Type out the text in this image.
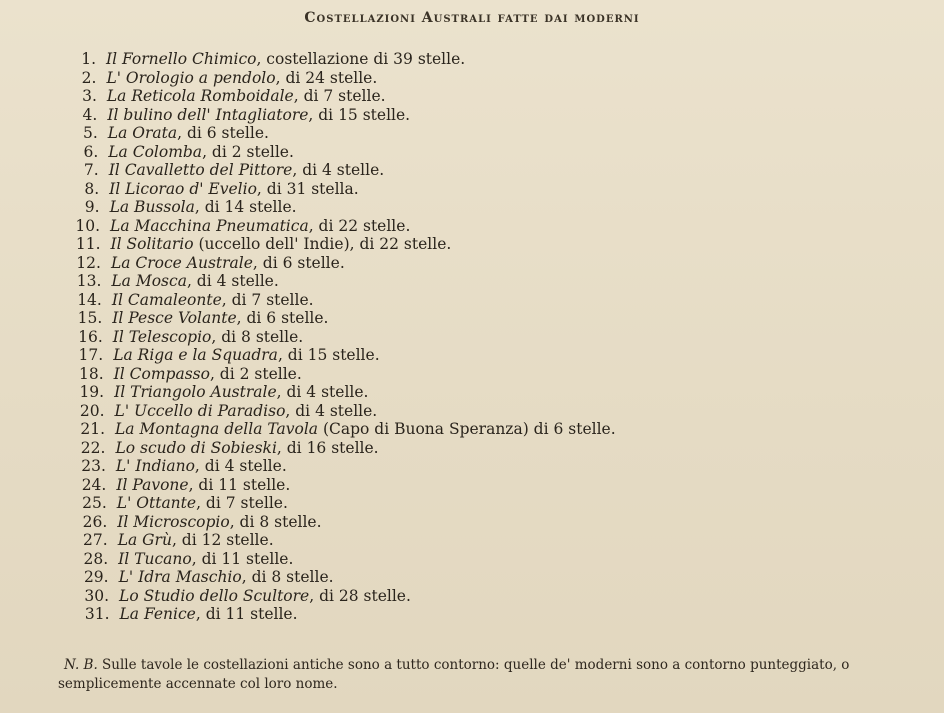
Costellazioni Australi fatte dai moderni
1. Il Fornello Chimico, costellazione di 39 stelle.
2. L' Orologio a pendolo, di 24 stelle.
3. La Reticola Romboidale, di 7 stelle.
4. Il bulino dell' Intagliatore, di 15 stelle.
5. La Orata, di 6 stelle.
6. La Colomba, di 2 stelle.
7. Il Cavalletto del Pittore, di 4 stelle.
8. Il Licorao d' Evelio, di 31 stella.
9. La Bussola, di 14 stelle.
10. La Macchina Pneumatica, di 22 stelle.
11. Il Solitario (uccello dell' Indie), di 22 stelle.
12. La Croce Australe, di 6 stelle.
13. La Mosca, di 4 stelle.
14. Il Camaleonte, di 7 stelle.
15. Il Pesce Volante, di 6 stelle.
16. Il Telescopio, di 8 stelle.
17. La Riga e la Squadra, di 15 stelle.
18. Il Compasso, di 2 stelle.
19. Il Triangolo Australe, di 4 stelle.
20. L' Uccello di Paradiso, di 4 stelle.
21. La Montagna della Tavola (Capo di Buona Speranza) di 6 stelle.
22. Lo scudo di Sobieski, di 16 stelle.
23. L' Indiano, di 4 stelle.
24. Il Pavone, di 11 stelle.
25. L' Ottante, di 7 stelle.
26. Il Microscopio, di 8 stelle.
27. La Grù, di 12 stelle.
28. Il Tucano, di 11 stelle.
29. L' Idra Maschio, di 8 stelle.
30. Lo Studio dello Scultore, di 28 stelle.
31. La Fenice, di 11 stelle.
N. B. Sulle tavole le costellazioni antiche sono a tutto contorno: quelle de' moderni sono a contorno punteggiato, o semplicemente accennate col loro nome.
